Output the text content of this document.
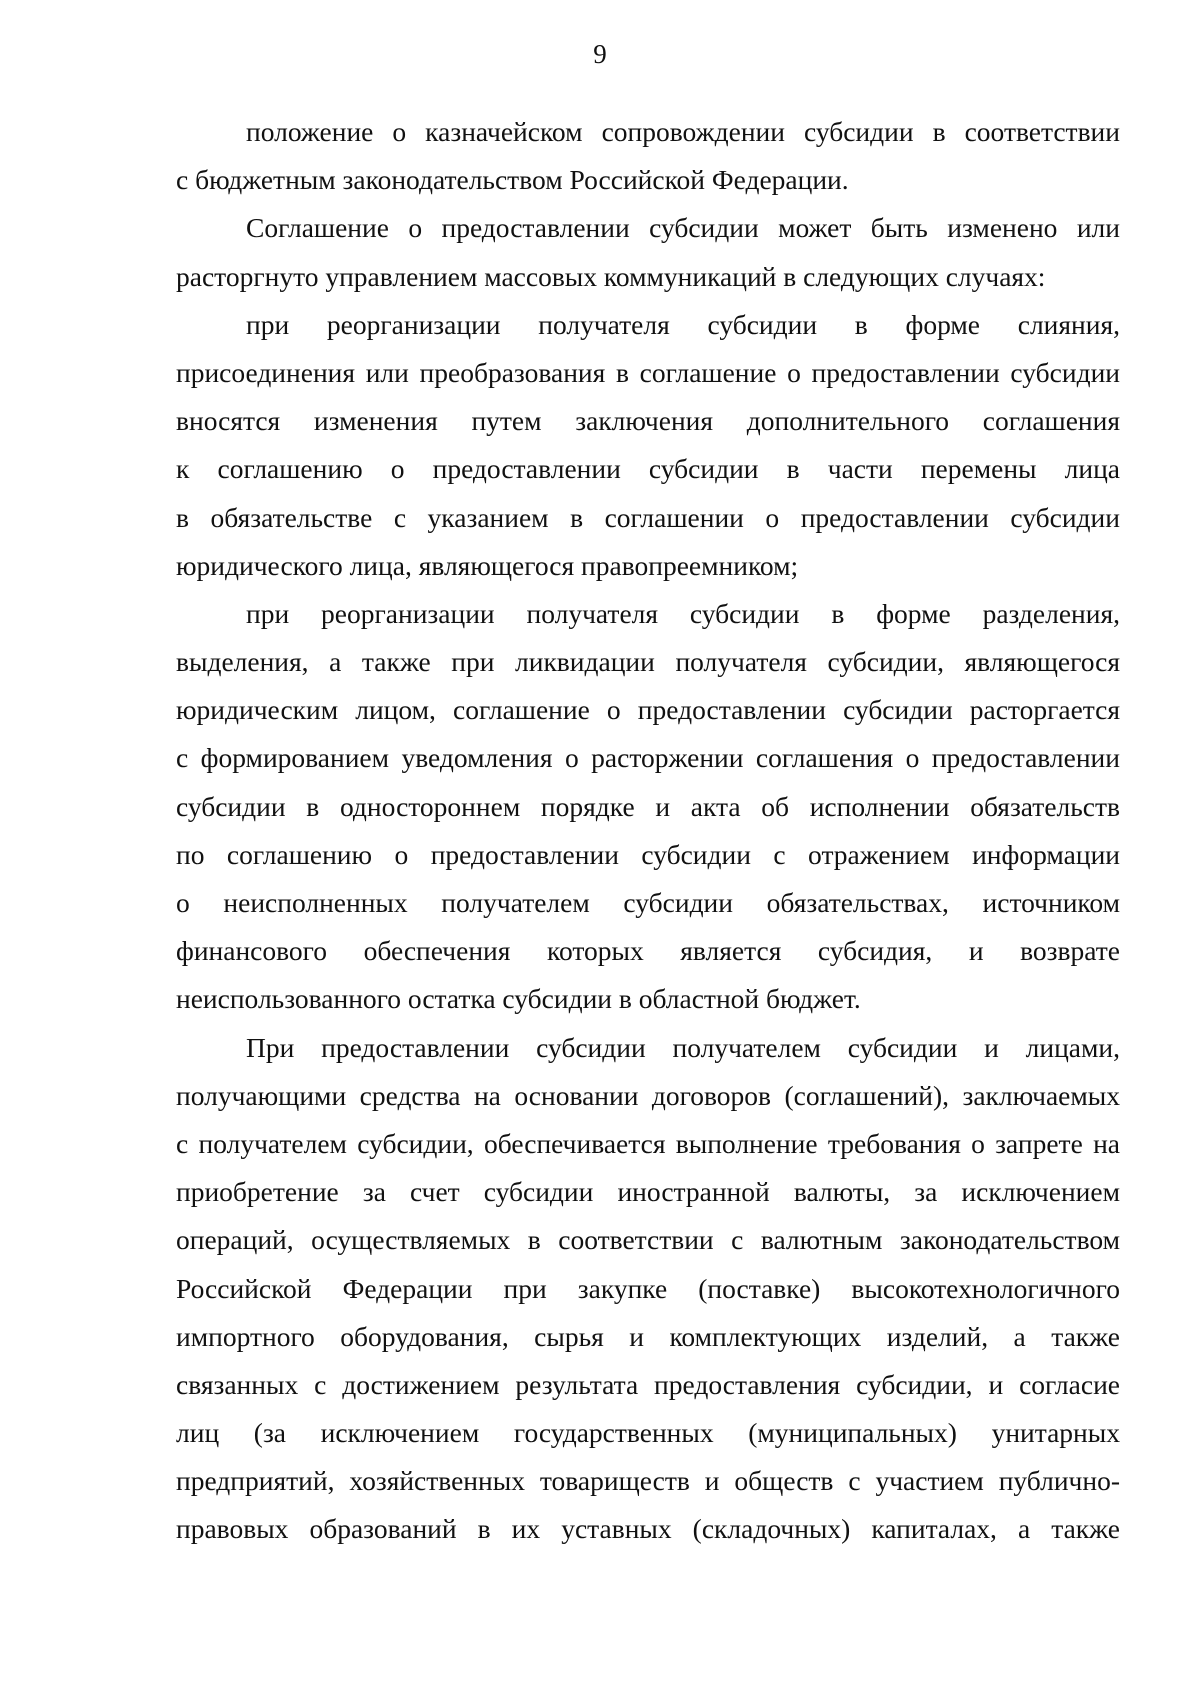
9
положение о казначейском сопровождении субсидии в соответствии
с бюджетным законодательством Российской Федерации.
Соглашение о предоставлении субсидии может быть изменено или
расторгнуто управлением массовых коммуникаций в следующих случаях:
при реорганизации получателя субсидии в форме слияния,
присоединения или преобразования в соглашение о предоставлении субсидии
вносятся изменения путем заключения дополнительного соглашения
к соглашению о предоставлении субсидии в части перемены лица
в обязательстве с указанием в соглашении о предоставлении субсидии
юридического лица, являющегося правопреемником;
при реорганизации получателя субсидии в форме разделения,
выделения, а также при ликвидации получателя субсидии, являющегося
юридическим лицом, соглашение о предоставлении субсидии расторгается
с формированием уведомления о расторжении соглашения о предоставлении
субсидии в одностороннем порядке и акта об исполнении обязательств
по соглашению о предоставлении субсидии с отражением информации
о неисполненных получателем субсидии обязательствах, источником
финансового обеспечения которых является субсидия, и возврате
неиспользованного остатка субсидии в областной бюджет.
При предоставлении субсидии получателем субсидии и лицами,
получающими средства на основании договоров (соглашений), заключаемых
с получателем субсидии, обеспечивается выполнение требования о запрете на
приобретение за счет субсидии иностранной валюты, за исключением
операций, осуществляемых в соответствии с валютным законодательством
Российской Федерации при закупке (поставке) высокотехнологичного
импортного оборудования, сырья и комплектующих изделий, а также
связанных с достижением результата предоставления субсидии, и согласие
лиц (за исключением государственных (муниципальных) унитарных
предприятий, хозяйственных товариществ и обществ с участием публично-
правовых образований в их уставных (складочных) капиталах, а также
